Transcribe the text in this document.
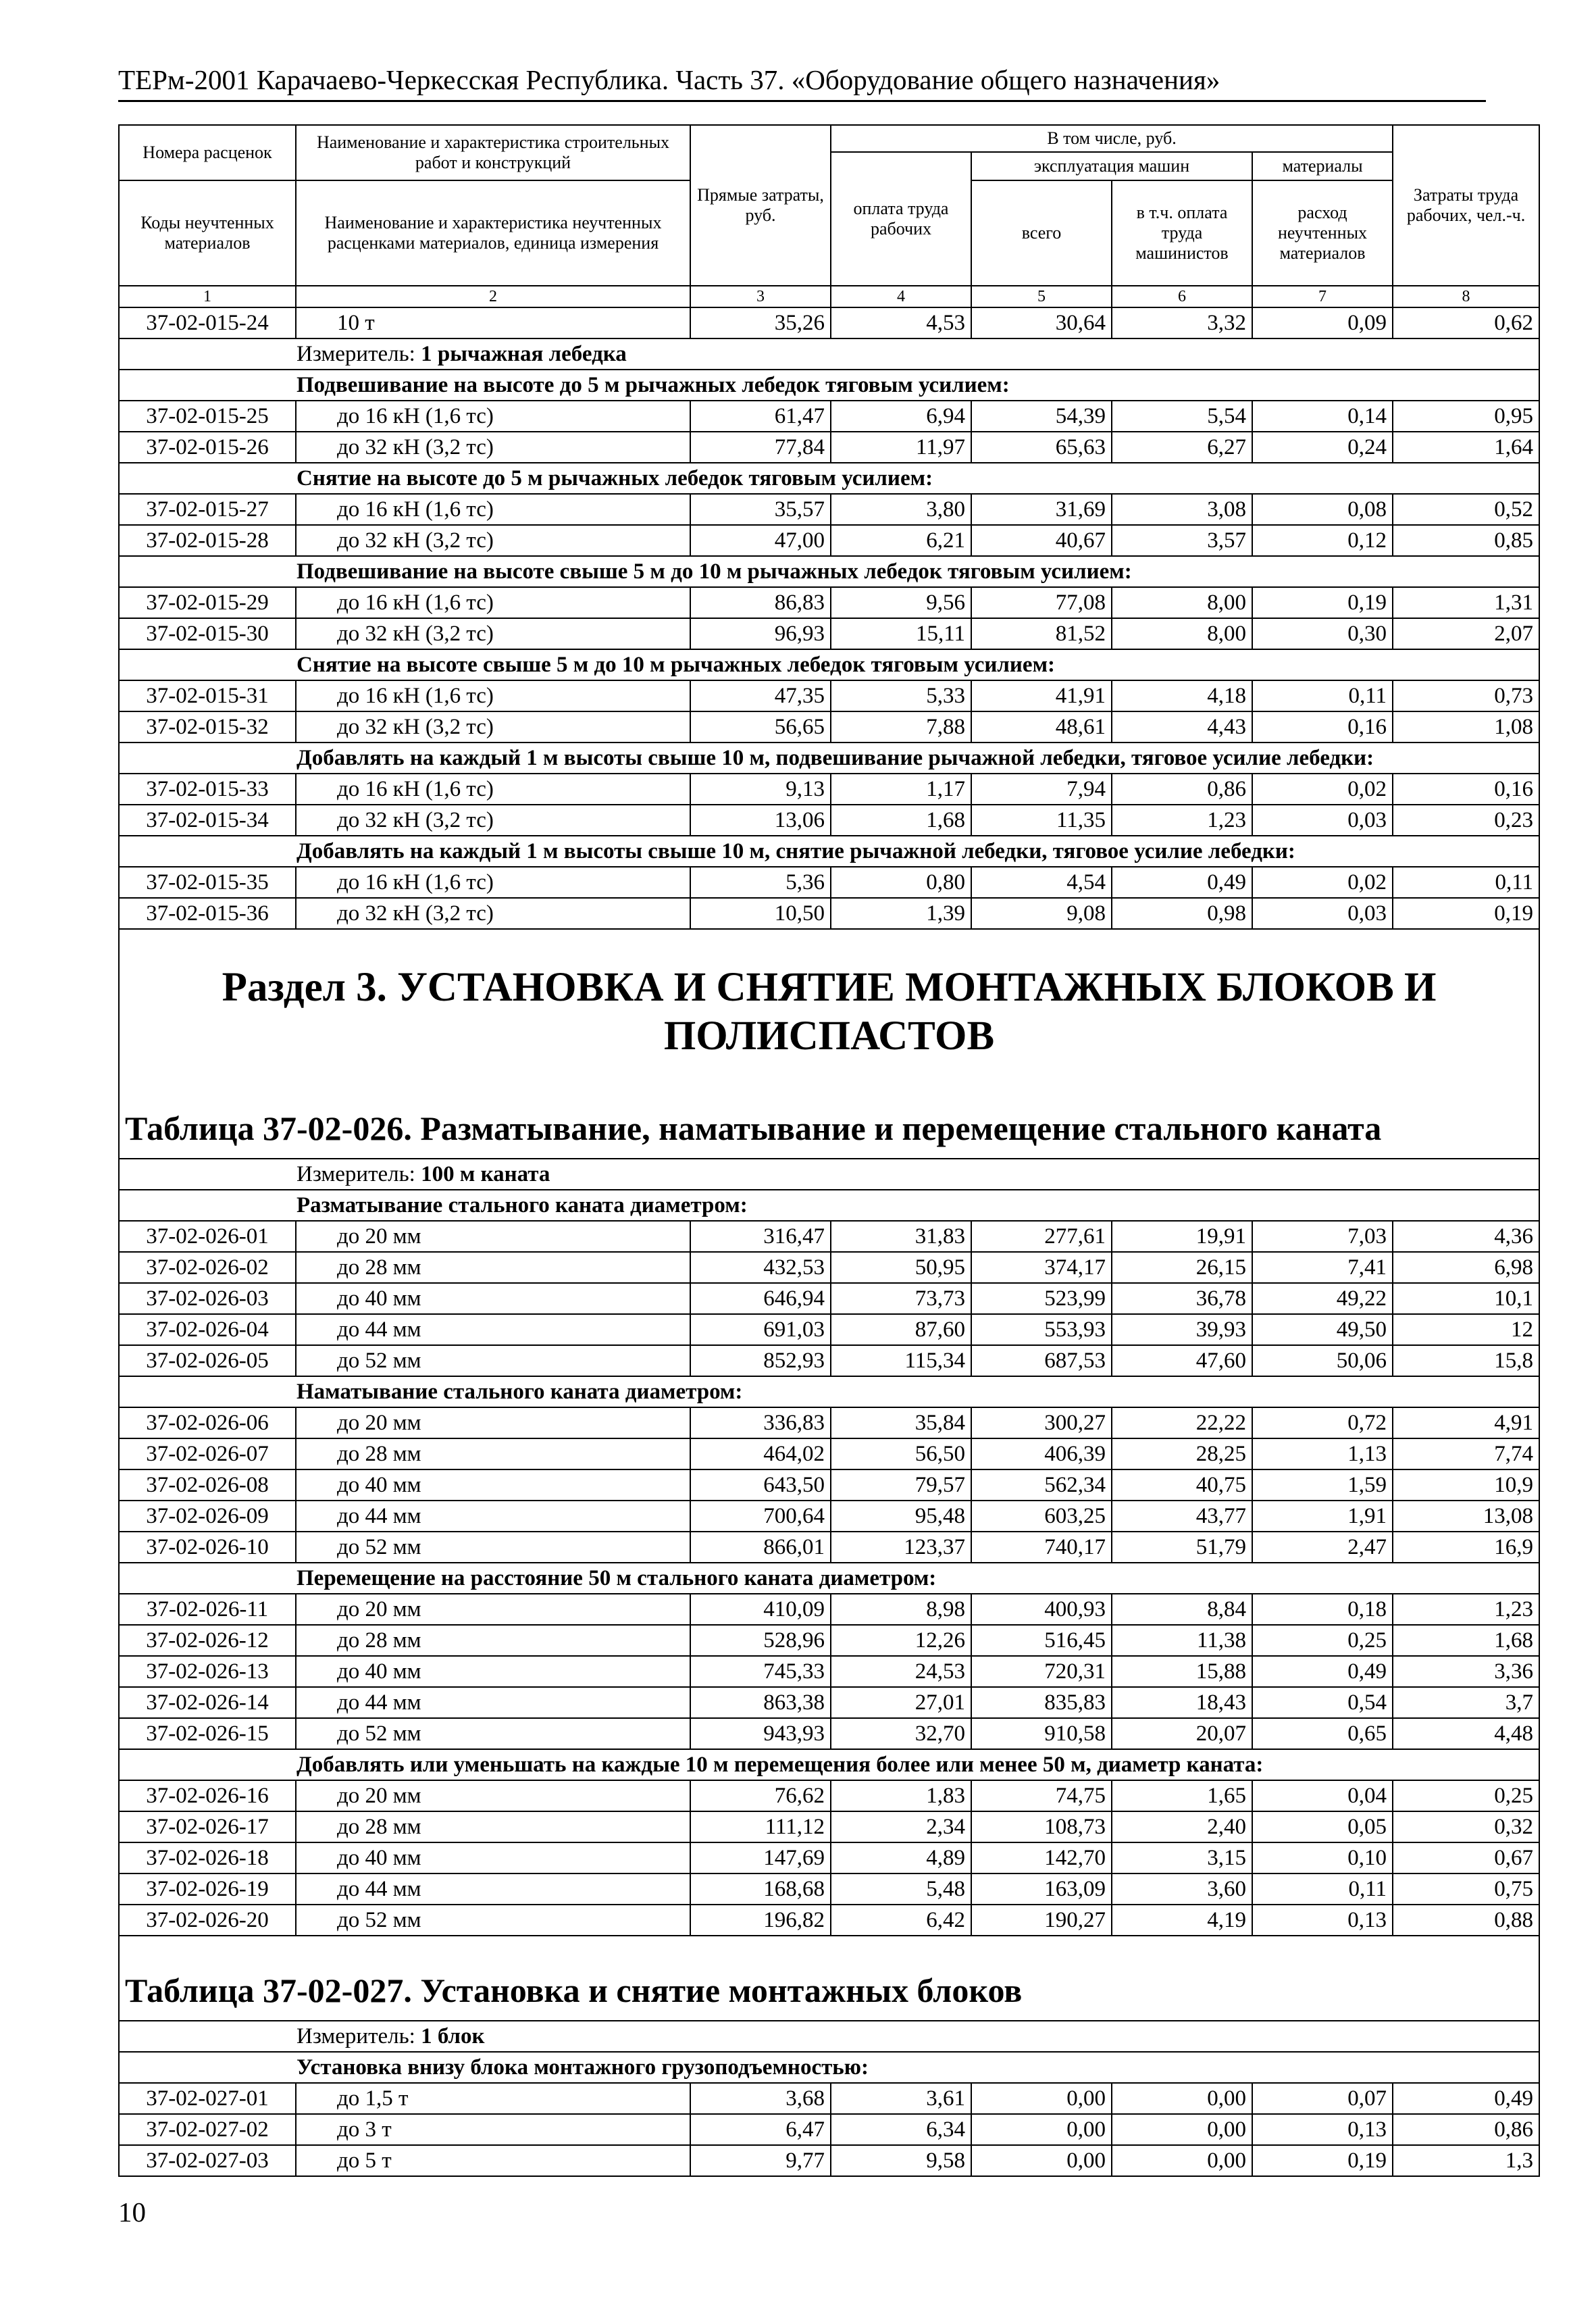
ТЕРм-2001 Карачаево-Черкесская Республика. Часть 37. «Оборудование общего назначения»
Номера расценок	Наименование и характеристика строительных работ и конструкций	Прямые затраты, руб.	В том числе, руб.				Затраты труда рабочих, чел.-ч.
			оплата труда рабочих	эксплуатация машин		материалы	
Коды неучтенных материалов	Наименование и характеристика неучтенных расценками материалов, единица измерения			всего	в т.ч. оплата труда машинистов	расход неучтенных материалов	
1	2	3	4	5	6	7	8
37-02-015-24	10 т	35,26	4,53	30,64	3,32	0,09	0,62
Измеритель: 1 рычажная лебедка							
Подвешивание на высоте до 5 м рычажных лебедок тяговым усилием:							
37-02-015-25	до 16 кН (1,6 тс)	61,47	6,94	54,39	5,54	0,14	0,95
37-02-015-26	до 32 кН (3,2 тс)	77,84	11,97	65,63	6,27	0,24	1,64
Снятие на высоте до 5 м рычажных лебедок тяговым усилием:							
37-02-015-27	до 16 кН (1,6 тс)	35,57	3,80	31,69	3,08	0,08	0,52
37-02-015-28	до 32 кН (3,2 тс)	47,00	6,21	40,67	3,57	0,12	0,85
Подвешивание на высоте свыше 5 м до 10 м рычажных лебедок тяговым усилием:							
37-02-015-29	до 16 кН (1,6 тс)	86,83	9,56	77,08	8,00	0,19	1,31
37-02-015-30	до 32 кН (3,2 тс)	96,93	15,11	81,52	8,00	0,30	2,07
Снятие на высоте свыше 5 м до 10 м рычажных лебедок тяговым усилием:							
37-02-015-31	до 16 кН (1,6 тс)	47,35	5,33	41,91	4,18	0,11	0,73
37-02-015-32	до 32 кН (3,2 тс)	56,65	7,88	48,61	4,43	0,16	1,08
Добавлять на каждый 1 м высоты свыше 10 м, подвешивание рычажной лебедки, тяговое усилие лебедки:							
37-02-015-33	до 16 кН (1,6 тс)	9,13	1,17	7,94	0,86	0,02	0,16
37-02-015-34	до 32 кН (3,2 тс)	13,06	1,68	11,35	1,23	0,03	0,23
Добавлять на каждый 1 м высоты свыше 10 м, снятие рычажной лебедки, тяговое усилие лебедки:							
37-02-015-35	до 16 кН (1,6 тс)	5,36	0,80	4,54	0,49	0,02	0,11
37-02-015-36	до 32 кН (3,2 тс)	10,50	1,39	9,08	0,98	0,03	0,19
Раздел 3. УСТАНОВКА И СНЯТИЕ МОНТАЖНЫХ БЛОКОВ И ПОЛИСПАСТОВ							
Таблица 37-02-026. Разматывание, наматывание и перемещение стального каната							
Измеритель: 100 м каната							
Разматывание стального каната диаметром:							
37-02-026-01	до 20 мм	316,47	31,83	277,61	19,91	7,03	4,36
37-02-026-02	до 28 мм	432,53	50,95	374,17	26,15	7,41	6,98
37-02-026-03	до 40 мм	646,94	73,73	523,99	36,78	49,22	10,1
37-02-026-04	до 44 мм	691,03	87,60	553,93	39,93	49,50	12
37-02-026-05	до 52 мм	852,93	115,34	687,53	47,60	50,06	15,8
Наматывание стального каната диаметром:							
37-02-026-06	до 20 мм	336,83	35,84	300,27	22,22	0,72	4,91
37-02-026-07	до 28 мм	464,02	56,50	406,39	28,25	1,13	7,74
37-02-026-08	до 40 мм	643,50	79,57	562,34	40,75	1,59	10,9
37-02-026-09	до 44 мм	700,64	95,48	603,25	43,77	1,91	13,08
37-02-026-10	до 52 мм	866,01	123,37	740,17	51,79	2,47	16,9
Перемещение на расстояние 50 м стального каната диаметром:							
37-02-026-11	до 20 мм	410,09	8,98	400,93	8,84	0,18	1,23
37-02-026-12	до 28 мм	528,96	12,26	516,45	11,38	0,25	1,68
37-02-026-13	до 40 мм	745,33	24,53	720,31	15,88	0,49	3,36
37-02-026-14	до 44 мм	863,38	27,01	835,83	18,43	0,54	3,7
37-02-026-15	до 52 мм	943,93	32,70	910,58	20,07	0,65	4,48
Добавлять или уменьшать на каждые 10 м перемещения более или менее 50 м, диаметр каната:							
37-02-026-16	до 20 мм	76,62	1,83	74,75	1,65	0,04	0,25
37-02-026-17	до 28 мм	111,12	2,34	108,73	2,40	0,05	0,32
37-02-026-18	до 40 мм	147,69	4,89	142,70	3,15	0,10	0,67
37-02-026-19	до 44 мм	168,68	5,48	163,09	3,60	0,11	0,75
37-02-026-20	до 52 мм	196,82	6,42	190,27	4,19	0,13	0,88
Таблица 37-02-027. Установка и снятие монтажных блоков							
Измеритель: 1 блок							
Установка внизу блока монтажного грузоподъемностью:							
37-02-027-01	до 1,5 т	3,68	3,61	0,00	0,00	0,07	0,49
37-02-027-02	до 3 т	6,47	6,34	0,00	0,00	0,13	0,86
37-02-027-03	до 5 т	9,77	9,58	0,00	0,00	0,19	1,3
10
